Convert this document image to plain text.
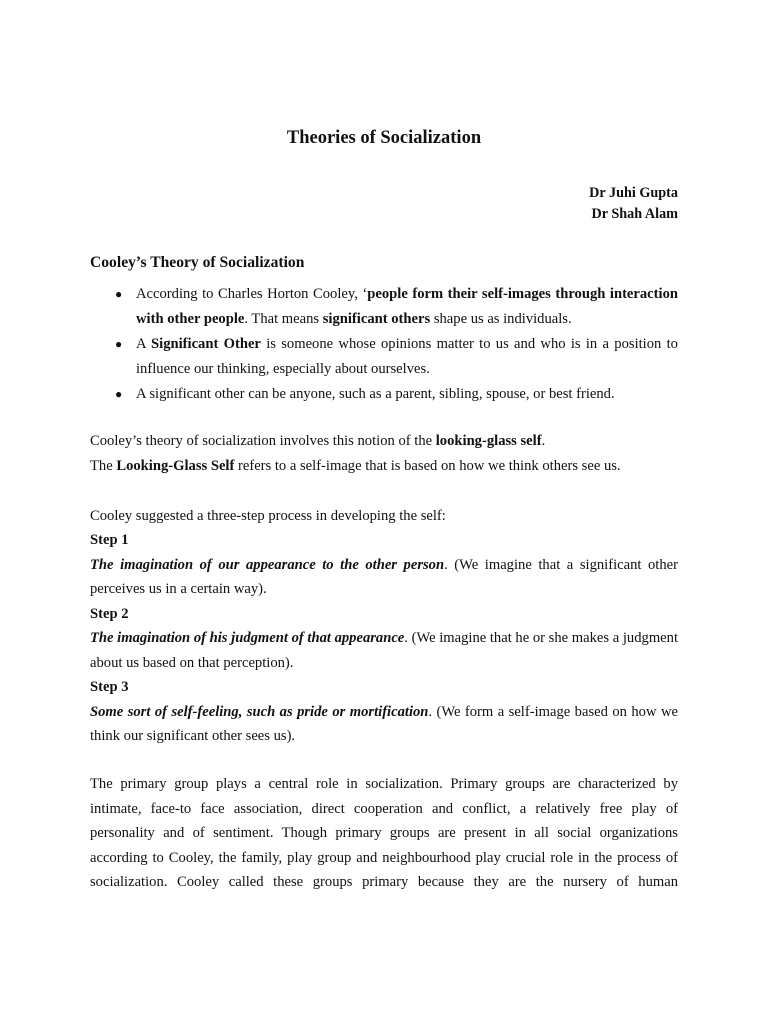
Theories of Socialization
Dr Juhi Gupta
Dr Shah Alam
Cooley’s Theory of Socialization
● According to Charles Horton Cooley, ‘people form their self-images through interaction with other people. That means significant others shape us as individuals.
● A Significant Other is someone whose opinions matter to us and who is in a position to influence our thinking, especially about ourselves.
● A significant other can be anyone, such as a parent, sibling, spouse, or best friend.

Cooley’s theory of socialization involves this notion of the looking-glass self.
The Looking-Glass Self refers to a self-image that is based on how we think others see us.

Cooley suggested a three-step process in developing the self:

Step 1
The imagination of our appearance to the other person. (We imagine that a significant other perceives us in a certain way).
Step 2
The imagination of his judgment of that appearance. (We imagine that he or she makes a judgment about us based on that perception).
Step 3
Some sort of self-feeling, such as pride or mortification. (We form a self-image based on how we think our significant other sees us).

The primary group plays a central role in socialization. Primary groups are characterized by intimate, face-to face association, direct cooperation and conflict, a relatively free play of personality and of sentiment. Though primary groups are present in all social organizations according to Cooley, the family, play group and neighbourhood play crucial role in the process of socialization. Cooley called these groups primary because they are the nursery of human
